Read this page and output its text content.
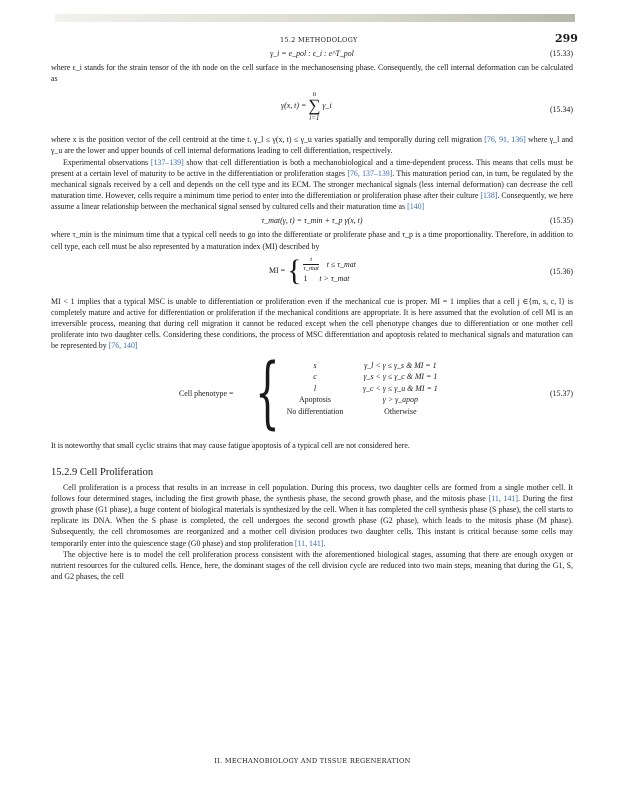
15.2 METHODOLOGY	299
γ_i = e_pol : ϵ_i : e^T_pol	(15.33)

where ϵ_i stands for the strain tensor of the ith node on the cell surface in the mechanosensing phase. Consequently, the cell internal deformation can be calculated as

γ(x, t) = n
∑
i=1 γ_i	(15.34)

where x is the position vector of the cell centroid at the time t. γ_l ≤ γ(x, t) ≤ γ_u varies spatially and temporally during cell migration [76, 91, 136] where γ_l and γ_u are the lower and upper bounds of cell internal deformations leading to cell differentiation, respectively.

Experimental observations [137–139] show that cell differentiation is both a mechanobiological and a time-dependent process. This means that cells must be present at a certain level of maturity to be active in the differentiation or proliferation stages [76, 137–139]. This maturation period can, in turn, be regulated by the mechanical signals received by a cell and depends on the cell type and its ECM. The stronger mechanical signals (less internal deformation) can decrease the cell maturation time. However, cells require a minimum time period to enter into the differentiation or proliferation phase after their culture [138]. Consequently, we here assume a linear relationship between the mechanical signal sensed by cultured cells and their maturation time as [140]

τ_mat(γ, t) = τ_min + τ_p γ(x, t)	(15.35)

where τ_min is the minimum time that a typical cell needs to go into the differentiate or proliferate phase and τ_p is a time proportionality. Therefore, in addition to cell type, each cell must be also represented by a maturation index (MI) described by

MI = { $\frac{t}{\text{τ\_mat}}$ t ≤ τ_mat
1 t > τ_mat
(15.36)

MI < 1 implies that a typical MSC is unable to differentiation or proliferation even if the mechanical cue is proper. MI = 1 implies that a cell j ∈{m, s, c, l} is completely mature and active for differentiation or proliferation if the mechanical conditions are appropriate. It is here assumed that the evolution of cell MI is an irreversible process, meaning that during cell migration it cannot be reduced except when the cell phenotype changes due to differentiation or one mother cell proliferate into two daughter cells. Considering these conditions, the process of MSC differentiation and apoptosis related to mechanical signals and maturation can be represented by [76, 140]

Cell phenotype = {	s	γ_l < γ ≤ γ_s & MI = 1
c	γ_s < γ ≤ γ_c & MI = 1
l	γ_c < γ ≤ γ_u & MI = 1
Apoptosis	γ > γ_apop
No differentiation	Otherwise
(15.37)

It is noteworthy that small cyclic strains that may cause fatigue apoptosis of a typical cell are not considered here.

15.2.9 Cell Proliferation

Cell proliferation is a process that results in an increase in cell population. During this process, two daughter cells are formed from a single mother cell. It follows four determined stages, including the first growth phase, the synthesis phase, the second growth phase, and the mitosis phase [11, 141]. During the first growth phase (G1 phase), a huge content of biological materials is synthesized by the cell. When it has completed the cell synthesis phase (S phase), the cell starts to replicate its DNA. When the S phase is completed, the cell undergoes the second growth phase (G2 phase), which leads to the mitosis phase (M phase). Subsequently, the cell chromosomes are reorganized and a mother cell division produces two daughter cells. This instant is critical because some cells may temporarily enter into the quiescence stage (G0 phase) and stop proliferation [11, 141].

The objective here is to model the cell proliferation process consistent with the aforementioned biological stages, assuming that there are enough oxygen or nutrient resources for the cultured cells. Hence, here, the dominant stages of the cell division cycle are reduced into two main steps, meaning that during the G1, S, and G2 phases, the cell

II. MECHANOBIOLOGY AND TISSUE REGENERATION
